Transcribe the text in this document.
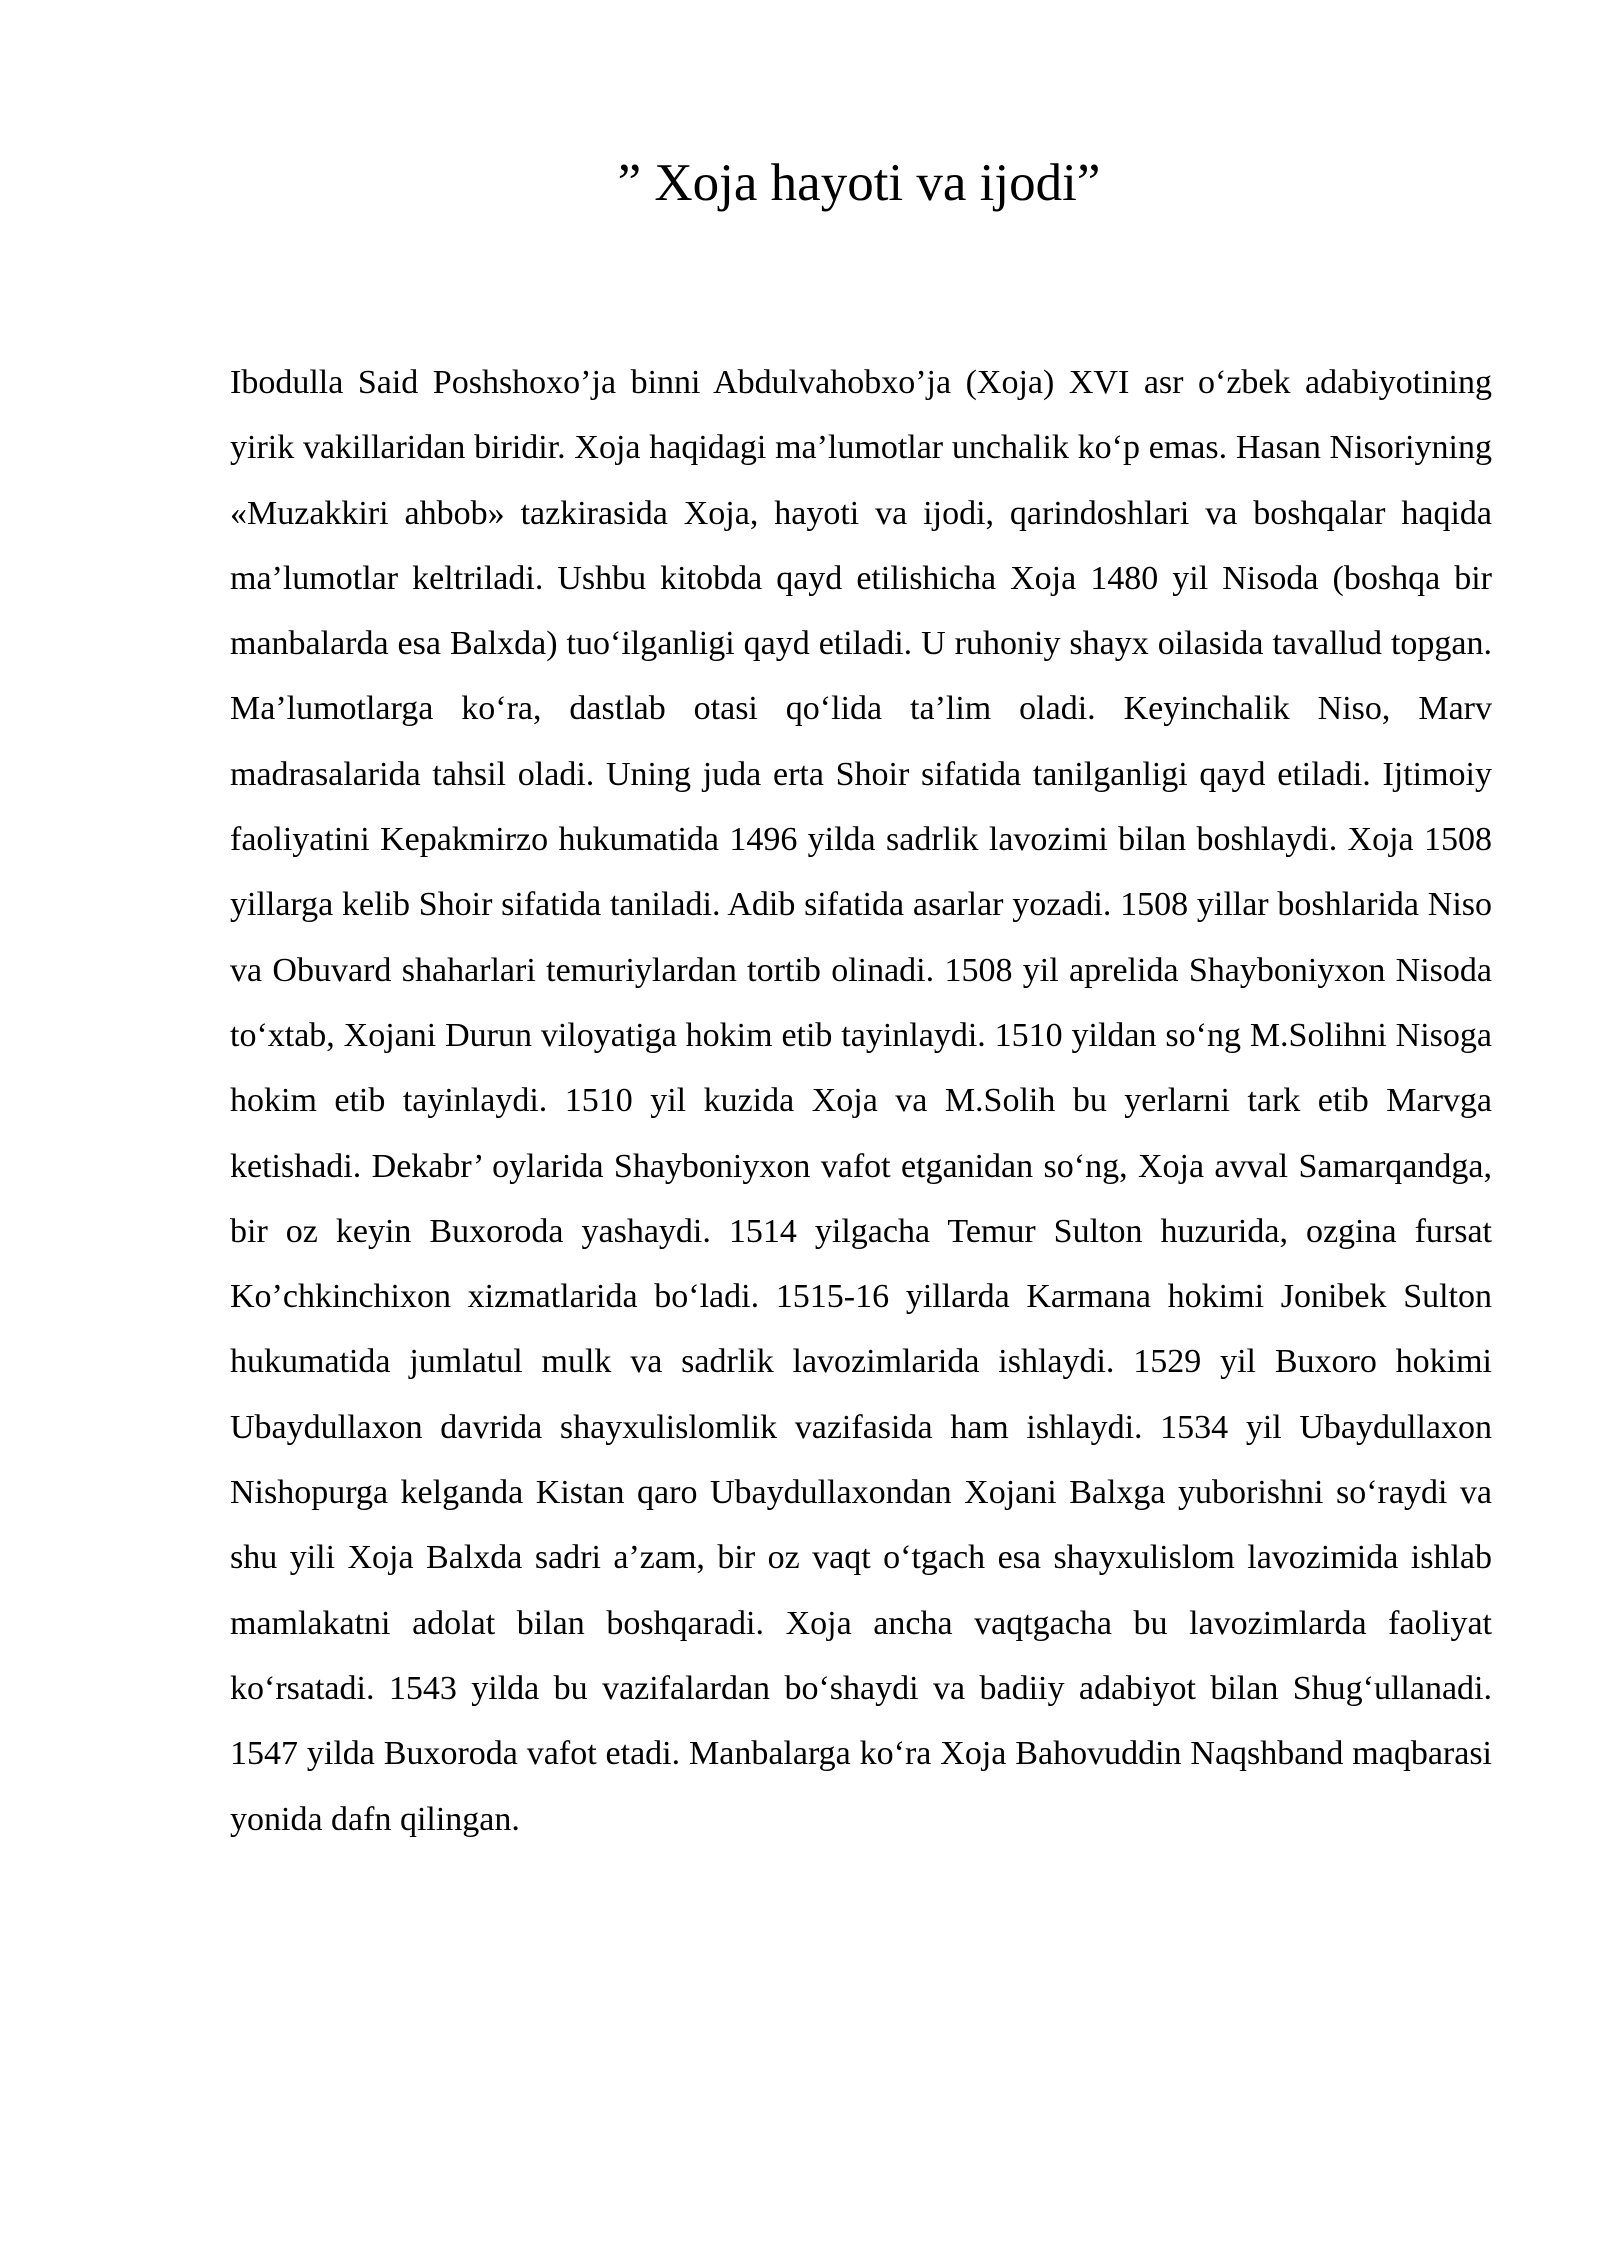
” Xoja hayoti va ijodi”

Ibodulla Said Poshshoxo’ja binni Abdulvahobxo’ja (Xoja) XVI asr o‘zbek adabiyotining yirik vakillaridan biridir. Xoja haqidagi ma’lumotlar unchalik ko‘p emas. Hasan Nisoriyning «Muzakkiri ahbob» tazkirasida Xoja, hayoti va ijodi, qarindoshlari va boshqalar haqida ma’lumotlar keltriladi. Ushbu kitobda qayd etilishicha Xoja 1480 yil Nisoda (boshqa bir manbalarda esa Balxda) tuo‘ilganligi qayd etiladi. U ruhoniy shayx oilasida tavallud topgan. Ma’lumotlarga ko‘ra, dastlab otasi qo‘lida ta’lim oladi. Keyinchalik Niso, Marv madrasalarida tahsil oladi. Uning juda erta Shoir sifatida tanilganligi qayd etiladi. Ijtimoiy faoliyatini Kepakmirzo hukumatida 1496 yilda sadrlik lavozimi bilan boshlaydi. Xoja 1508 yillarga kelib Shoir sifatida taniladi. Adib sifatida asarlar yozadi. 1508 yillar boshlarida Niso va Obuvard shaharlari temuriylardan tortib olinadi. 1508 yil aprelida Shayboniyxon Nisoda to‘xtab, Xojani Durun viloyatiga hokim etib tayinlaydi. 1510 yildan so‘ng M.Solihni Nisoga hokim etib tayinlaydi. 1510 yil kuzida Xoja va M.Solih bu yerlarni tark etib Marvga ketishadi. Dekabr’ oylarida Shayboniyxon vafot etganidan so‘ng, Xoja avval Samarqandga, bir oz keyin Buxoroda yashaydi. 1514 yilgacha Temur Sulton huzurida, ozgina fursat Ko’chkinchixon xizmatlarida bo‘ladi. 1515-16 yillarda Karmana hokimi Jonibek Sulton hukumatida jumlatul mulk va sadrlik lavozimlarida ishlaydi. 1529 yil Buxoro hokimi Ubaydullaxon davrida shayxulislomlik vazifasida ham ishlaydi. 1534 yil Ubaydullaxon Nishopurga kelganda Kistan qaro Ubaydullaxondan Xojani Balxga yuborishni so‘raydi va shu yili Xoja Balxda sadri a’zam, bir oz vaqt o‘tgach esa shayxulislom lavozimida ishlab mamlakatni adolat bilan boshqaradi. Xoja ancha vaqtgacha bu lavozimlarda faoliyat ko‘rsatadi. 1543 yilda bu vazifalardan bo‘shaydi va badiiy adabiyot bilan Shug‘ullanadi. 1547 yilda Buxoroda vafot etadi. Manbalarga ko‘ra Xoja Bahovuddin Naqshband maqbarasi yonida dafn qilingan.
